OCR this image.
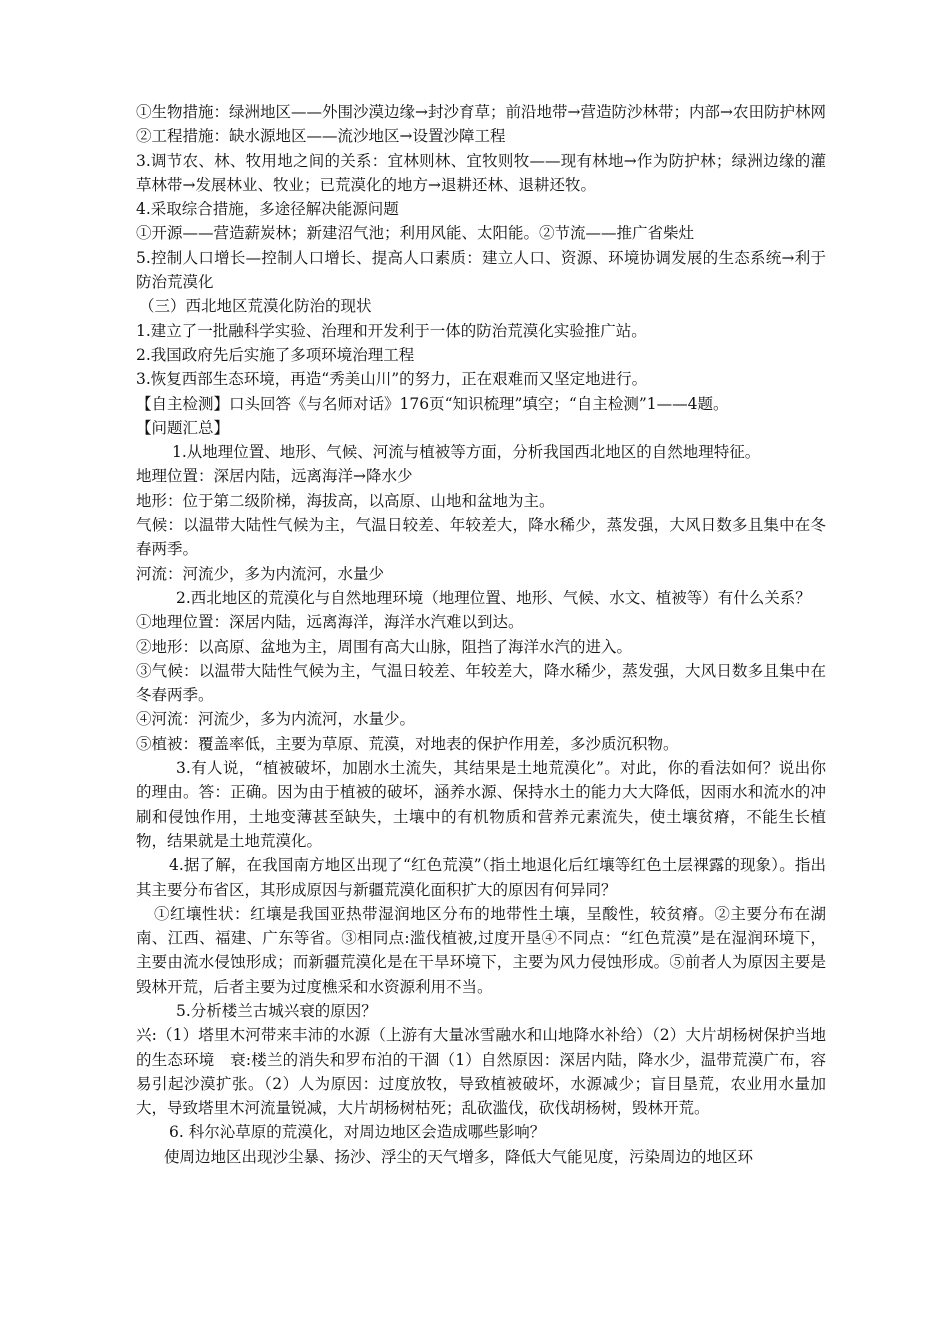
①生物措施：绿洲地区——外围沙漠边缘→封沙育草；前沿地带→营造防沙林带；内部→农田防护林网②工程措施：缺水源地区——流沙地区→设置沙障工程

3.调节农、林、牧用地之间的关系：宜林则林、宜牧则牧——现有林地→作为防护林；绿洲边缘的灌草林带→发展林业、牧业；已荒漠化的地方→退耕还林、退耕还牧。

4.采取综合措施，多途径解决能源问题

①开源——营造薪炭林；新建沼气池；利用风能、太阳能。②节流——推广省柴灶

5.控制人口增长—控制人口增长、提高人口素质：建立人口、资源、环境协调发展的生态系统→利于防治荒漠化

（三）西北地区荒漠化防治的现状

1.建立了一批融科学实验、治理和开发利于一体的防治荒漠化实验推广站。

2.我国政府先后实施了多项环境治理工程

3.恢复西部生态环境，再造“秀美山川”的努力，正在艰难而又坚定地进行。

【自主检测】口头回答《与名师对话》176页“知识梳理”填空；“自主检测”1——4题。

【问题汇总】

1.从地理位置、地形、气候、河流与植被等方面，分析我国西北地区的自然地理特征。

地理位置：深居内陆，远离海洋→降水少

地形：位于第二级阶梯，海拔高，以高原、山地和盆地为主。

气候：以温带大陆性气候为主，气温日较差、年较差大，降水稀少，蒸发强，大风日数多且集中在冬春两季。

河流：河流少，多为内流河，水量少

2.西北地区的荒漠化与自然地理环境（地理位置、地形、气候、水文、植被等）有什么关系？

①地理位置：深居内陆，远离海洋，海洋水汽难以到达。

②地形：以高原、盆地为主，周围有高大山脉，阻挡了海洋水汽的进入。

③气候：以温带大陆性气候为主，气温日较差、年较差大，降水稀少，蒸发强，大风日数多且集中在冬春两季。

④河流：河流少，多为内流河，水量少。

⑤植被：覆盖率低，主要为草原、荒漠，对地表的保护作用差，多沙质沉积物。

3.有人说，“植被破坏，加剧水土流失，其结果是土地荒漠化”。对此，你的看法如何？说出你的理由。答：正确。因为由于植被的破坏，涵养水源、保持水土的能力大大降低，因雨水和流水的冲刷和侵蚀作用，土地变薄甚至缺失，土壤中的有机物质和营养元素流失，使土壤贫瘠，不能生长植物，结果就是土地荒漠化。

4.据了解，在我国南方地区出现了“红色荒漠”（指土地退化后红壤等红色土层裸露的现象）。指出其主要分布省区，其形成原因与新疆荒漠化面积扩大的原因有何异同？

①红壤性状：红壤是我国亚热带湿润地区分布的地带性土壤，呈酸性，较贫瘠。②主要分布在湖南、江西、福建、广东等省。③相同点:滥伐植被,过度开垦④不同点：“红色荒漠”是在湿润环境下，主要由流水侵蚀形成；而新疆荒漠化是在干旱环境下，主要为风力侵蚀形成。⑤前者人为原因主要是毁林开荒，后者主要为过度樵采和水资源利用不当。

5.分析楼兰古城兴衰的原因？

兴:（1）塔里木河带来丰沛的水源（上游有大量冰雪融水和山地降水补给）（2）大片胡杨树保护当地的生态环境　衰:楼兰的消失和罗布泊的干涸（1）自然原因：深居内陆，降水少，温带荒漠广布，容易引起沙漠扩张。（2）人为原因：过度放牧，导致植被破坏，水源减少；盲目垦荒，农业用水量加大，导致塔里木河流量锐减，大片胡杨树枯死；乱砍滥伐，砍伐胡杨树，毁林开荒。

6. 科尔沁草原的荒漠化，对周边地区会造成哪些影响？

使周边地区出现沙尘暴、扬沙、浮尘的天气增多，降低大气能见度，污染周边的地区环
